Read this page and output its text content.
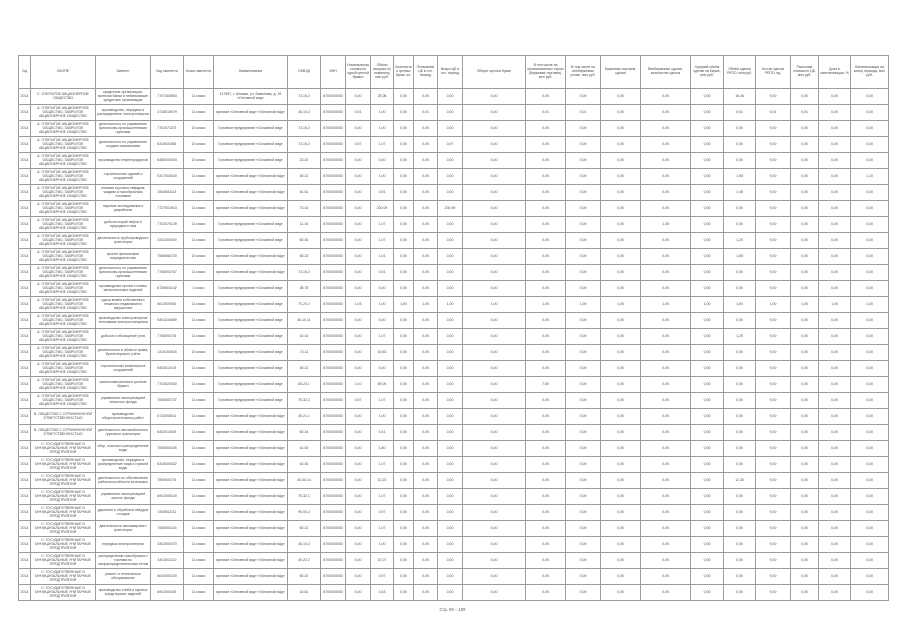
Год	ОКОПФ	Эмитент	Код эмитента	Класс эмитента	Наименование	ОКВЭД	ИНН	Номинальная стоимость одной ценной бумаги	Объём выпуска по номиналу, млн руб.	Количество ценных бумаг, шт.	Погашение ЦБ в отч. период	Выкуп ЦБ в отч. период	Оборот ценных бумаг	В том числе на организованных торгах (биржевая торговля), млн руб.	В том числе на внебиржевом рынке, млн руб.	Биржевая торговля, сделки	Внебиржевые сделки, количество сделок	Средний объём сделки на бирже, млн руб.	Объём сделок РЕПО, млн руб.	Кол-во сделок РЕПО, ед.	Рыночная стоимость ЦБ, млн руб.	Доля в капитализации, %	Капитализация на конец периода, млн руб.

2014	С. ОТКРЫТОЕ АКЦИОНЕРНОЕ ОБЩЕСТВО	кредитные организации, включая банки и небанковские кредитные организации	7707083893	11 класс	117997, г. Москва, ул. Вавилова, д. 19 «Основной вид»	74.15.2	6700000000	0,00	25,08	0,00	0,00	0,00	0,00	0,00	0,00	0,00	0,00	0,00	16,45	0,00	0,00	0,00	0,00

2014	А. ОТКРЫТОЕ АКЦИОНЕРНОЕ ОБЩЕСТВО, ЗАКРЫТОЕ АКЦИОНЕРНОЕ ОБЩЕСТВО	производство, передача и распределение электроэнергии	4716016979	11 класс	филиал «Основной вид» «Основной вид»	40.10.2	5700300000	0,01	1,00	0,00	0,01	0,00	0,00	0,01	0,01	0,00	0,00	0,00	0,01	0,01	0,01	0,00	0,00

2014	А. ОТКРЫТОЕ АКЦИОНЕРНОЕ ОБЩЕСТВО, ЗАКРЫТОЕ АКЦИОНЕРНОЕ ОБЩЕСТВО	деятельность по управлению финансово-промышленными группами	7701071371	10 класс	Головное предприятие «Основной вид»	74.15.2	5700300000	0,00	1,00	0,00	0,00	0,00	0,00	0,00	0,00	0,00	0,00	0,00	0,00	0,00	0,00	0,00	0,00

2014	А. ОТКРЫТОЕ АКЦИОНЕРНОЕ ОБЩЕСТВО, ЗАКРЫТОЕ АКЦИОНЕРНОЕ ОБЩЕСТВО	деятельность по управлению холдинг-компаниями	6316031581	10 класс	Головное предприятие «Основной вид»	74.15.2	5700300000	0,07	1,07	0,00	0,00	0,07	0,00	0,00	0,00	0,00	0,00	0,00	0,00	0,00	0,00	0,00	0,00

2014	А. ОТКРЫТОЕ АКЦИОНЕРНОЕ ОБЩЕСТВО, ЗАКРЫТОЕ АКЦИОНЕРНОЕ ОБЩЕСТВО	производство нефтепродуктов	6450000003	10 класс	Головное предприятие «Основной вид»	23.20	5700300000	0,00	0,40	0,00	0,00	0,00	0,00	0,00	0,00	0,00	0,00	0,00	0,00	0,00	0,00	0,00	0,00

2014	А. ОТКРЫТОЕ АКЦИОНЕРНОЕ ОБЩЕСТВО, ЗАКРЫТОЕ АКЦИОНЕРНОЕ ОБЩЕСТВО	строительство зданий и сооружений	0317002640	11 класс	филиал «Основной вид» «Основной вид»	45.21	5700300000	0,00	1,00	0,00	0,00	0,00	0,00	0,00	0,00	0,00	0,00	0,00	1,55	0,00	0,00	0,00	1,10

2014	А. ОТКРЫТОЕ АКЦИОНЕРНОЕ ОБЩЕСТВО, ЗАКРЫТОЕ АКЦИОНЕРНОЕ ОБЩЕСТВО	оптовая торговля твёрдым, жидким и газообразным топливом	2604061114	11 класс	филиал «Основной вид» «Основной вид»	51.51	5700300000	0,00	4,91	0,00	0,00	0,00	0,00	0,00	0,00	0,00	0,00	0,00	1,45	0,00	0,00	0,00	0,00

2014	А. ОТКРЫТОЕ АКЦИОНЕРНОЕ ОБЩЕСТВО, ЗАКРЫТОЕ АКЦИОНЕРНОЕ ОБЩЕСТВО	научные исследования и разработки	7727001913	11 класс	филиал «Основной вид» «Основной вид»	73.10	5700300000	0,00	200,09	0,00	0,00	200,09	0,00	0,00	0,00	0,00	0,00	0,00	0,00	0,00	0,00	0,00	0,00

2014	А. ОТКРЫТОЕ АКЦИОНЕРНОЕ ОБЩЕСТВО, ЗАКРЫТОЕ АКЦИОНЕРНОЕ ОБЩЕСТВО	добыча сырой нефти и природного газа	7702070139	11 класс	Головное предприятие «Основной вид»	11.10	5700300000	0,00	1,07	0,00	0,00	0,00	0,00	0,00	0,00	0,00	1,35	0,00	0,00	0,00	0,00	0,00	0,00

2014	А. ОТКРЫТОЕ АКЦИОНЕРНОЕ ОБЩЕСТВО, ЗАКРЫТОЕ АКЦИОНЕРНОЕ ОБЩЕСТВО	деятельность трубопроводного транспорта	0311000000	11 класс	Головное предприятие «Основной вид»	60.30	5700300000	0,00	1,07	0,00	0,00	0,00	0,00	0,00	0,00	0,00	0,00	0,00	1,20	0,00	0,00	0,00	0,00

2014	А. ОТКРЫТОЕ АКЦИОНЕРНОЕ ОБЩЕСТВО, ЗАКРЫТОЕ АКЦИОНЕРНОЕ ОБЩЕСТВО	прочее финансовое посредничество	7566066720	10 класс	филиал «Основной вид» «Основной вид»	65.23	5700300000	0,00	1,01	0,00	0,00	0,00	0,00	0,00	0,00	0,00	0,00	0,00	1,65	0,00	0,00	0,00	0,00

2014	А. ОТКРЫТОЕ АКЦИОНЕРНОЕ ОБЩЕСТВО, ЗАКРЫТОЕ АКЦИОНЕРНОЕ ОБЩЕСТВО	деятельность по управлению финансово-промышленными группами	7708004767	11 класс	филиал «Основной вид» «Основной вид»	74.15.2	5700300000	0,00	0,01	0,00	0,00	0,00	0,00	0,00	0,00	0,00	0,00	0,00	0,00	0,00	0,00	0,00	0,00

2014	А. ОТКРЫТОЕ АКЦИОНЕРНОЕ ОБЩЕСТВО, ЗАКРЫТОЕ АКЦИОНЕРНОЕ ОБЩЕСТВО	производство прочих готовых металлических изделий	6726604142	1 класс	Головное предприятие «Основной вид»	28.75	5700300000	0,00	0,00	0,00	0,00	0,00	0,00	0,00	0,00	0,00	0,00	0,00	0,00	0,00	0,00	0,00	0,00

2014	А. ОТКРЫТОЕ АКЦИОНЕРНОЕ ОБЩЕСТВО, ЗАКРЫТОЕ АКЦИОНЕРНОЕ ОБЩЕСТВО	сдача внаём собственного нежилого недвижимого имущества	5612009001	11 класс	Головное предприятие «Основной вид»	70.20.2	5700300000	1,03	1,00	1,00	1,00	1,00	1,00	1,00	1,00	1,00	1,00	1,00	1,00	1,00	1,00	1,00	1,00

2014	А. ОТКРЫТОЕ АКЦИОНЕРНОЕ ОБЩЕСТВО, ЗАКРЫТОЕ АКЦИОНЕРНОЕ ОБЩЕСТВО	производство электроэнергии тепловыми электростанциями	5401104669	11 класс	Головное предприятие «Основной вид»	40.10.11	5700300000	0,00	0,00	0,00	0,00	0,00	0,00	0,00	0,00	0,00	0,00	0,00	0,00	0,00	0,00	0,00	0,00

2014	А. ОТКРЫТОЕ АКЦИОНЕРНОЕ ОБЩЕСТВО, ЗАКРЫТОЕ АКЦИОНЕРНОЕ ОБЩЕСТВО	добыча и обогащение угля	7708000751	11 класс	Головное предприятие «Основной вид»	10.10	5700300000	0,00	1,07	0,00	0,00	0,00	0,00	0,00	0,00	0,00	0,00	0,00	1,25	0,00	0,00	0,00	0,00

2014	А. ОТКРЫТОЕ АКЦИОНЕРНОЕ ОБЩЕСТВО, ЗАКРЫТОЕ АКЦИОНЕРНОЕ ОБЩЕСТВО	деятельность в области права, бухгалтерского учёта	1310160016	10 класс	Головное предприятие «Основной вид»	74.11	5700300000	0,00	16,53	0,00	0,00	0,00	0,00	0,00	0,00	0,00	0,00	0,00	0,00	0,00	0,00	0,00	0,00

2014	А. ОТКРЫТОЕ АКЦИОНЕРНОЕ ОБЩЕСТВО, ЗАКРЫТОЕ АКЦИОНЕРНОЕ ОБЩЕСТВО	строительство инженерных сооружений	5403010101	11 класс	Головное предприятие «Основной вид»	45.21	5700300000	0,00	0,00	0,00	0,00	0,00	0,00	0,00	0,00	0,00	0,00	0,00	0,00	0,00	0,00	0,00	0,00

2014	А. ОТКРЫТОЕ АКЦИОНЕРНОЕ ОБЩЕСТВО, ЗАКРЫТОЕ АКЦИОНЕРНОЕ ОБЩЕСТВО	капиталовложения в ценные бумаги	7743020300	11 класс	Головное предприятие «Основной вид»	65.23.1	5700300000	2,10	89,00	0,00	0,00	0,00	0,00	7,60	0,00	0,00	0,00	0,00	0,00	0,00	0,00	0,00	0,00

2014	А. ОТКРЫТОЕ АКЦИОНЕРНОЕ ОБЩЕСТВО, ЗАКРЫТОЕ АКЦИОНЕРНОЕ ОБЩЕСТВО	управление эксплуатацией нежилого фонда	7605000737	11 класс	Головное предприятие «Основной вид»	70.32.2	5700300000	0,07	1,07	0,00	0,00	0,00	0,00	0,00	0,00	0,00	0,00	0,00	0,00	0,00	0,00	0,00	0,00

2014	В. ОБЩЕСТВО С ОГРАНИЧЕННОЙ ОТВЕТСТВЕННОСТЬЮ	производство общестроительных работ	6710006011	11 класс	филиал «Основной вид» «Основной вид»	45.21.1	5700300000	0,00	1,00	0,00	0,00	0,00	0,00	0,00	0,00	0,00	0,00	0,00	0,00	0,00	0,00	0,00	0,00

2014	В. ОБЩЕСТВО С ОГРАНИЧЕННОЙ ОТВЕТСТВЕННОСТЬЮ	деятельность автомобильного грузового транспорта	6402010001	11 класс	филиал «Основной вид» «Основной вид»	60.24	5700300000	0,00	0,41	0,00	0,00	0,00	0,00	0,00	0,00	0,00	0,00	0,00	0,00	0,00	0,00	0,00	0,00

2014	С. ГОСУДАРСТВЕННЫЕ И МУНИЦИПАЛЬНЫЕ УНИТАРНЫЕ ПРЕДПРИЯТИЯ	сбор, очистка и распределение воды	7830000426	11 класс	филиал «Основной вид» «Основной вид»	41.00	5700300000	0,00	1,80	0,00	0,00	0,00	0,00	0,00	0,00	0,00	0,00	0,00	0,00	0,00	0,00	0,00	0,00

2014	С. ГОСУДАРСТВЕННЫЕ И МУНИЦИПАЛЬНЫЕ УНИТАРНЫЕ ПРЕДПРИЯТИЯ	производство, передача и распределение пара и горячей воды	6316000632	11 класс	филиал «Основной вид» «Основной вид»	40.30	5700300000	0,00	1,07	0,00	0,00	0,00	0,00	0,00	0,00	0,00	0,00	0,00	0,00	0,00	0,00	0,00	0,00

2014	С. ГОСУДАРСТВЕННЫЕ И МУНИЦИПАЛЬНЫЕ УНИТАРНЫЕ ПРЕДПРИЯТИЯ	деятельность по обеспечению работоспособности котельных	7809000701	11 класс	филиал «Основной вид» «Основной вид»	40.30.14	5700300000	0,00	10,23	0,00	0,00	0,00	0,00	0,00	0,00	0,00	0,00	0,00	12,30	0,00	0,00	0,00	0,00

2014	С. ГОСУДАРСТВЕННЫЕ И МУНИЦИПАЛЬНЫЕ УНИТАРНЫЕ ПРЕДПРИЯТИЯ	управление эксплуатацией жилого фонда	6901005140	11 класс	филиал «Основной вид» «Основной вид»	70.32.1	5700300000	0,00	1,07	0,00	0,00	0,00	0,00	0,00	0,00	0,00	0,00	0,00	0,00	0,00	0,00	0,00	0,00

2014	С. ГОСУДАРСТВЕННЫЕ И МУНИЦИПАЛЬНЫЕ УНИТАРНЫЕ ПРЕДПРИЯТИЯ	удаление и обработка твёрдых отходов	1903002111	11 класс	филиал «Основной вид» «Основной вид»	90.00.2	5700300000	0,00	0,97	0,00	0,00	0,00	0,00	0,00	0,00	0,00	0,00	0,00	0,00	0,00	0,00	0,00	0,00

2014	С. ГОСУДАРСТВЕННЫЕ И МУНИЦИПАЛЬНЫЕ УНИТАРНЫЕ ПРЕДПРИЯТИЯ	деятельность пассажирского транспорта	7605000116	11 класс	филиал «Основной вид» «Основной вид»	60.21	5700300000	0,00	1,07	0,00	0,00	0,00	0,00	0,00	0,00	0,00	0,00	0,00	0,00	0,00	0,00	0,00	0,00

2014	С. ГОСУДАРСТВЕННЫЕ И МУНИЦИПАЛЬНЫЕ УНИТАРНЫЕ ПРЕДПРИЯТИЯ	передача электроэнергии	3302000470	11 класс	филиал «Основной вид» «Основной вид»	40.10.2	5700300000	0,00	1,00	0,00	0,00	0,00	0,00	0,00	0,00	0,00	0,00	0,00	0,00	0,00	0,00	0,00	0,00

2014	С. ГОСУДАРСТВЕННЫЕ И МУНИЦИПАЛЬНЫЕ УНИТАРНЫЕ ПРЕДПРИЯТИЯ	распределение газообразного топлива по газораспределительным сетям	4401001110	11 класс	филиал «Основной вид» «Основной вид»	40.22.2	5700300000	0,00	21,07	0,00	0,00	0,00	0,00	0,00	0,00	0,00	0,00	0,00	0,00	0,00	0,00	0,00	0,00

2014	С. ГОСУДАРСТВЕННЫЕ И МУНИЦИПАЛЬНЫЕ УНИТАРНЫЕ ПРЕДПРИЯТИЯ	ремонт и техническое обслуживание	5610000230	11 класс	филиал «Основной вид» «Основной вид»	50.20	5700300000	0,00	0,97	0,00	0,00	0,00	0,00	0,00	0,00	0,00	0,00	0,00	0,00	0,00	0,00	0,00	0,00

2014	С. ГОСУДАРСТВЕННЫЕ И МУНИЦИПАЛЬНЫЕ УНИТАРНЫЕ ПРЕДПРИЯТИЯ	производство хлеба и мучных кондитерских изделий	6901000401	11 класс	филиал «Основной вид» «Основной вид»	15.81	5700300000	0,00	0,43	0,00	0,00	0,00	0,00	0,00	0,00	0,00	0,00	0,00	0,00	0,00	0,00	0,00	0,00
Стр. 80 – 109
